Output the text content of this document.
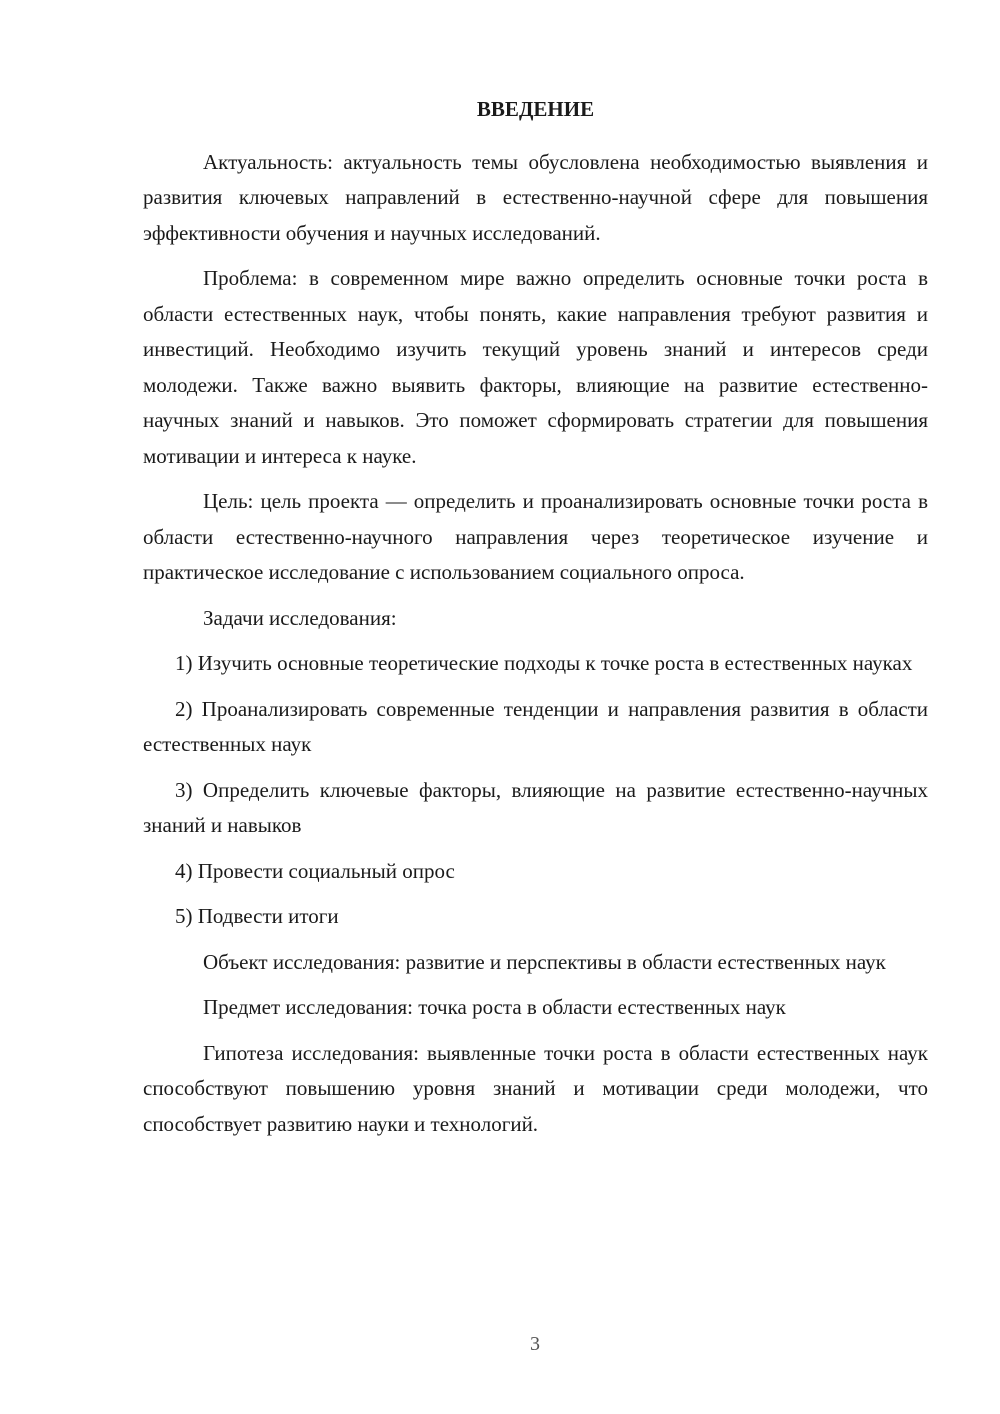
ВВЕДЕНИЕ

Актуальность: актуальность темы обусловлена необходимостью выявления и развития ключевых направлений в естественно-научной сфере для повышения эффективности обучения и научных исследований.

Проблема: в современном мире важно определить основные точки роста в области естественных наук, чтобы понять, какие направления требуют развития и инвестиций. Необходимо изучить текущий уровень знаний и интересов среди молодежи. Также важно выявить факторы, влияющие на развитие естественно-научных знаний и навыков. Это поможет сформировать стратегии для повышения мотивации и интереса к науке.

Цель: цель проекта — определить и проанализировать основные точки роста в области естественно-научного направления через теоретическое изучение и практическое исследование с использованием социального опроса.

Задачи исследования:

1) Изучить основные теоретические подходы к точке роста в естественных науках

2) Проанализировать современные тенденции и направления развития в области естественных наук

3) Определить ключевые факторы, влияющие на развитие естественно-научных знаний и навыков

4) Провести социальный опрос

5) Подвести итоги

Объект исследования: развитие и перспективы в области естественных наук

Предмет исследования: точка роста в области естественных наук

Гипотеза исследования: выявленные точки роста в области естественных наук способствуют повышению уровня знаний и мотивации среди молодежи, что способствует развитию науки и технологий.

3
